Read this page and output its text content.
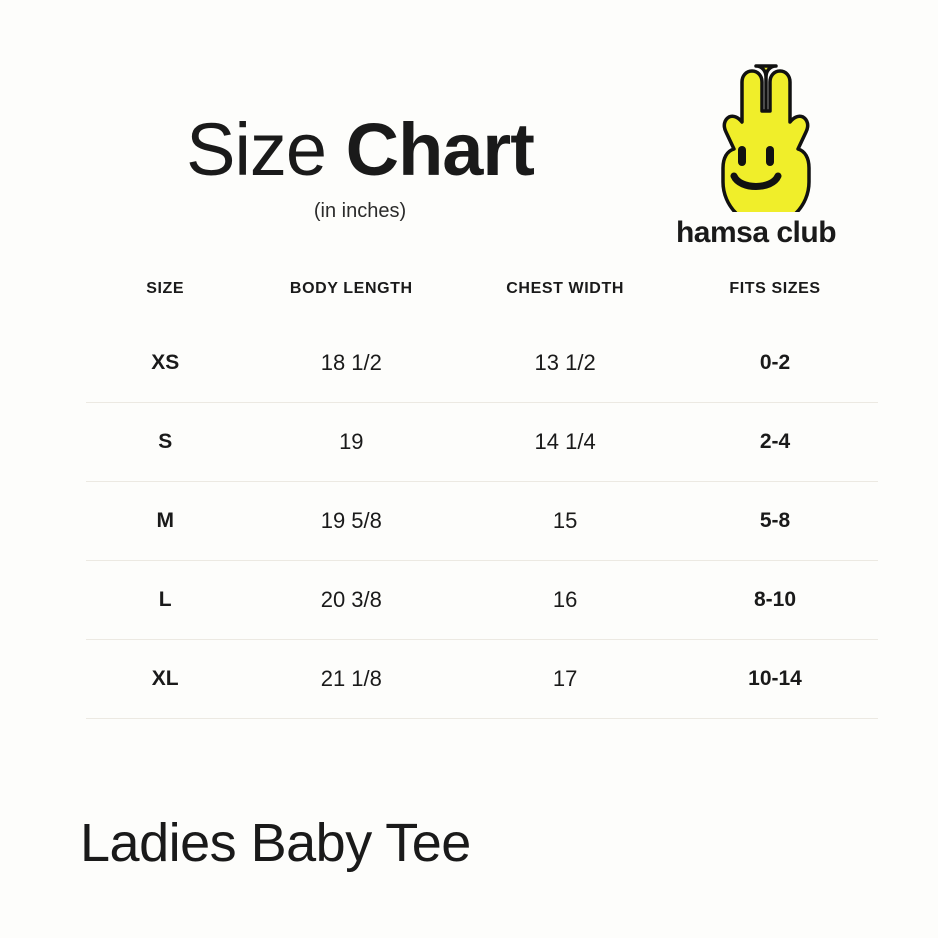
Size Chart
(in inches)
hamsa club
SIZE	BODY LENGTH	CHEST WIDTH	FITS SIZES
XS	18 1/2	13 1/2	0-2
S	19	14 1/4	2-4
M	19 5/8	15	5-8
L	20 3/8	16	8-10
XL	21 1/8	17	10-14
Ladies Baby Tee
